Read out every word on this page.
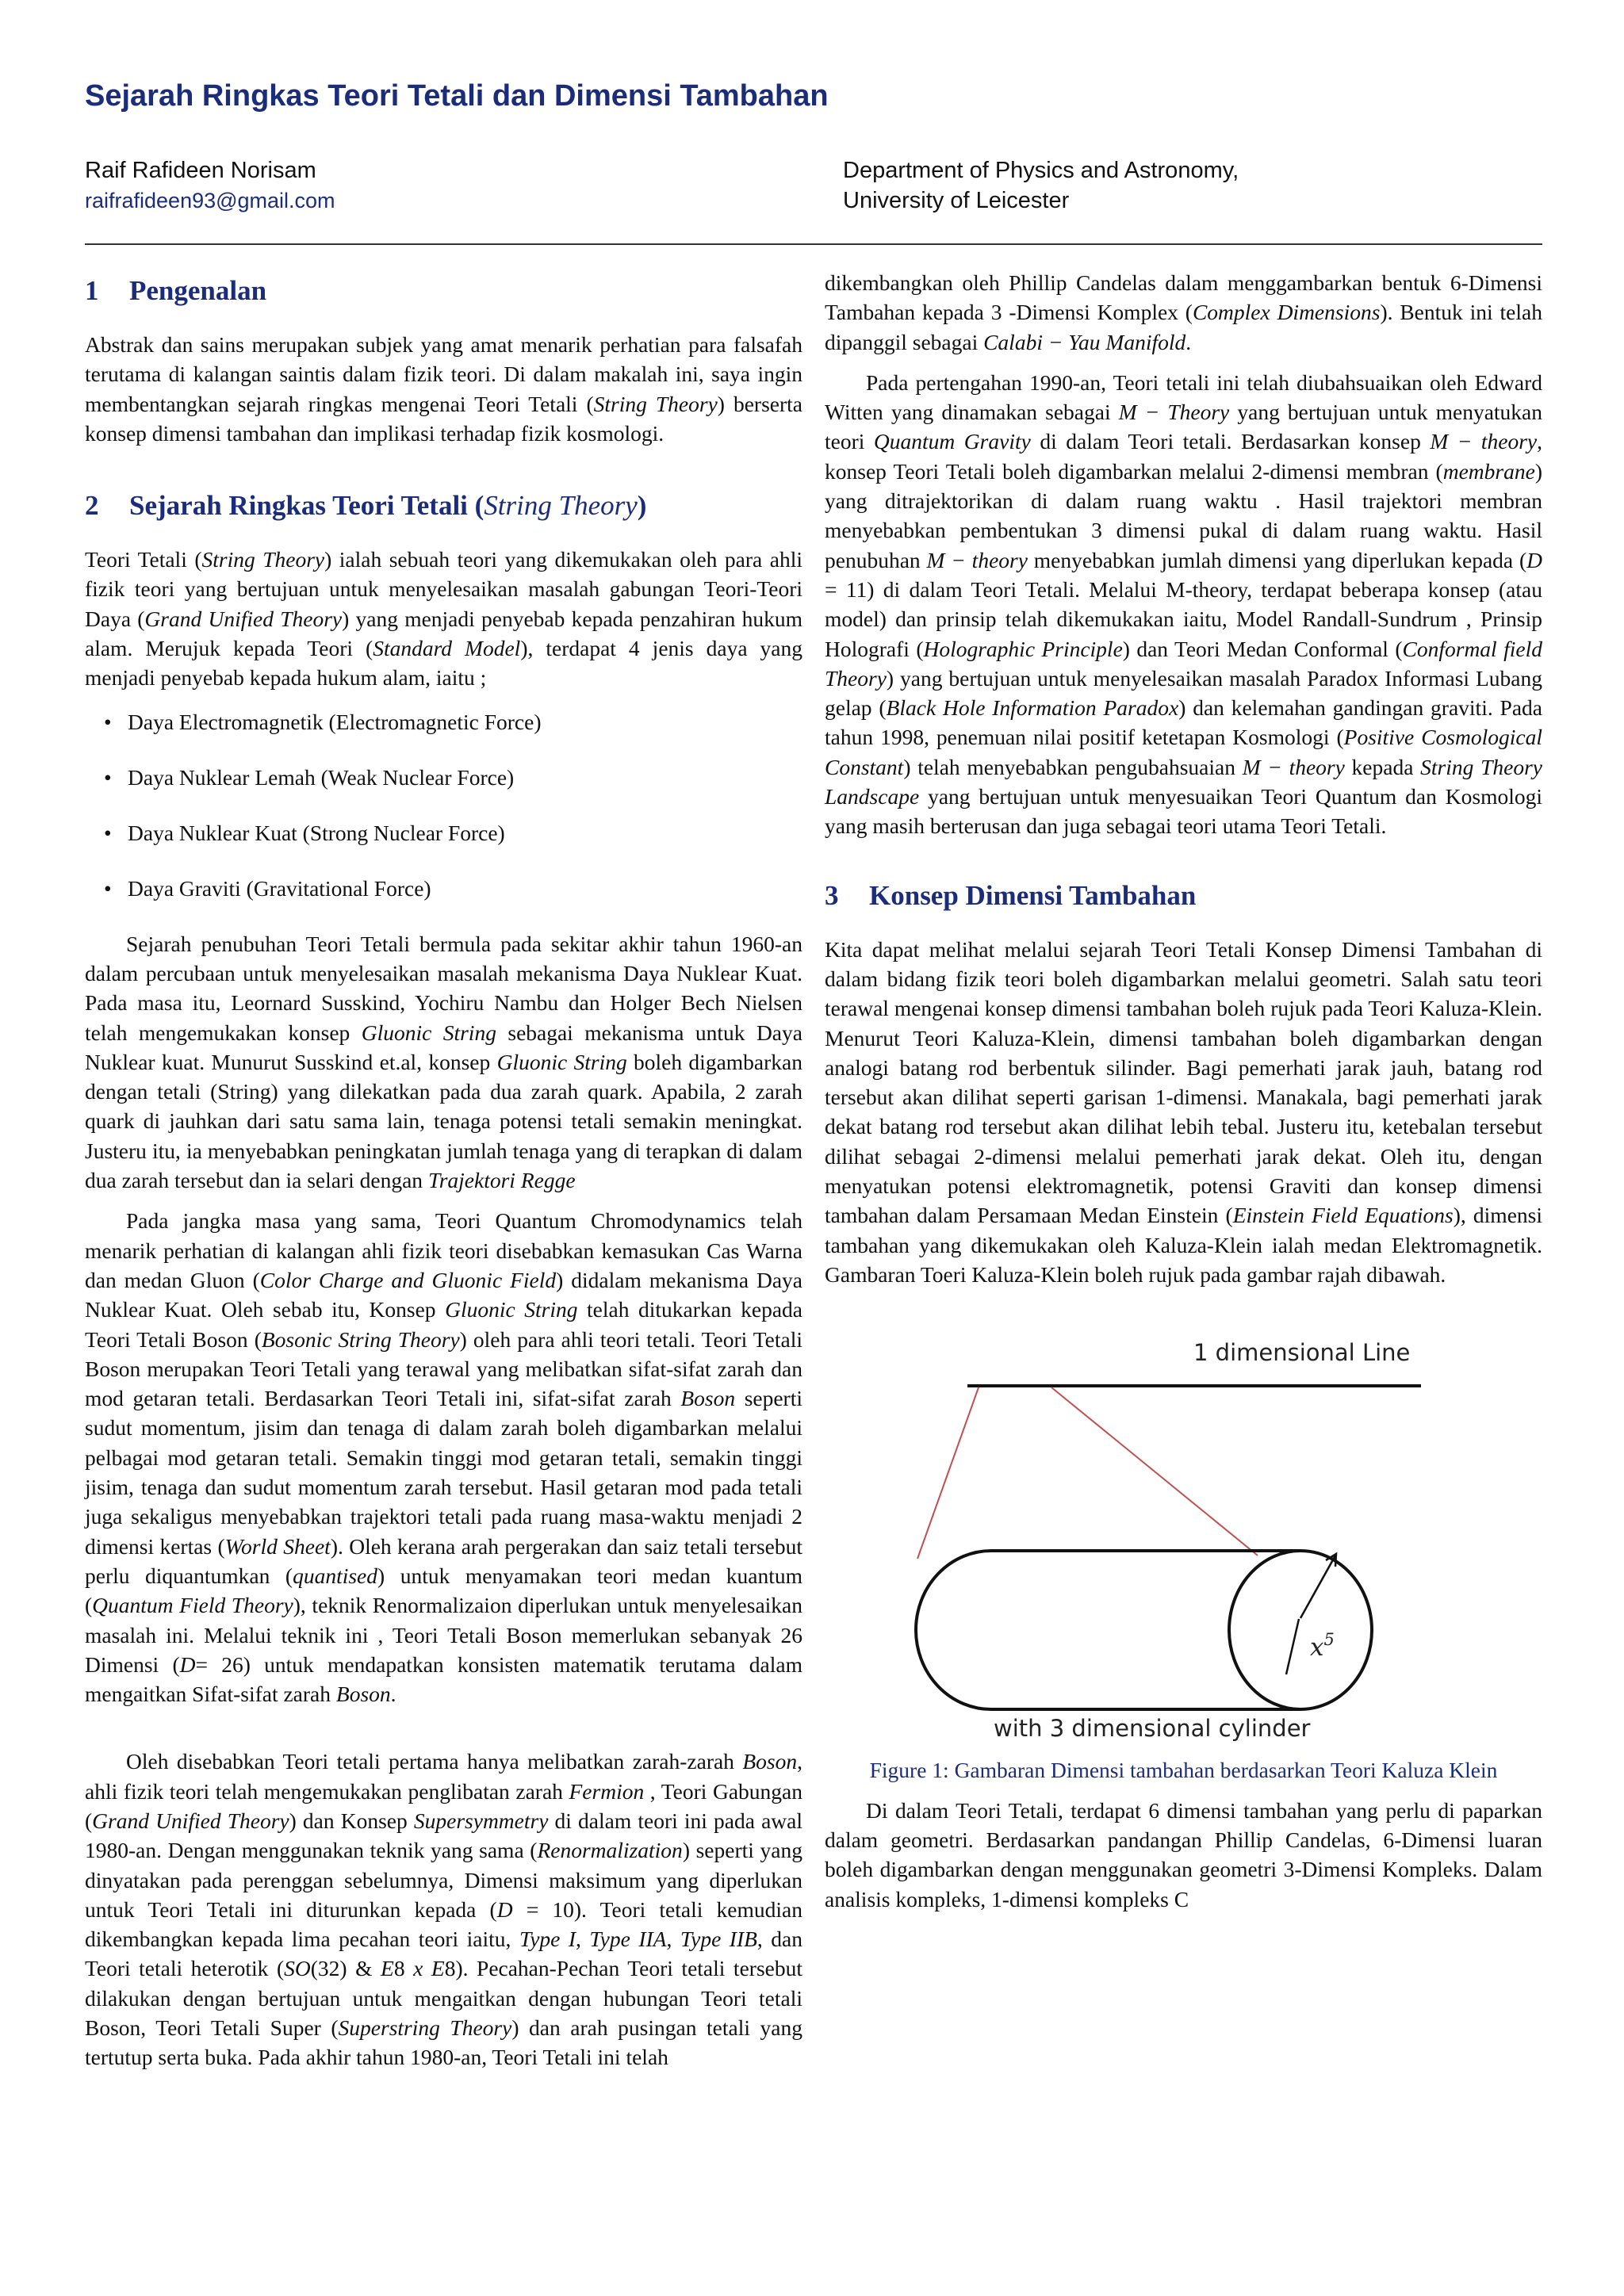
Sejarah Ringkas Teori Tetali dan Dimensi Tambahan
Raif Rafideen Norisam
raifrafideen93@gmail.com
Department of Physics and Astronomy,
University of Leicester
1 Pengenalan

Abstrak dan sains merupakan subjek yang amat menarik perhatian para falsafah terutama di kalangan saintis dalam fizik teori. Di dalam makalah ini, saya ingin membentangkan sejarah ringkas mengenai Teori Tetali (String Theory) berserta konsep dimensi tambahan dan implikasi terhadap fizik kosmologi.

2 Sejarah Ringkas Teori Tetali (String Theory)

Teori Tetali (String Theory) ialah sebuah teori yang dikemukakan oleh para ahli fizik teori yang bertujuan untuk menyelesaikan masalah gabungan Teori-Teori Daya (Grand Unified Theory) yang menjadi penyebab kepada penzahiran hukum alam. Merujuk kepada Teori (Standard Model), terdapat 4 jenis daya yang menjadi penyebab kepada hukum alam, iaitu ;

• Daya Electromagnetik (Electromagnetic Force)
• Daya Nuklear Lemah (Weak Nuclear Force)
• Daya Nuklear Kuat (Strong Nuclear Force)
• Daya Graviti (Gravitational Force)

Sejarah penubuhan Teori Tetali bermula pada sekitar akhir tahun 1960-an dalam percubaan untuk menyelesaikan masalah mekanisma Daya Nuklear Kuat. Pada masa itu, Leornard Susskind, Yochiru Nambu dan Holger Bech Nielsen telah mengemukakan konsep Gluonic String sebagai mekanisma untuk Daya Nuklear kuat. Munurut Susskind et.al, konsep Gluonic String boleh digambarkan dengan tetali (String) yang dilekatkan pada dua zarah quark. Apabila, 2 zarah quark di jauhkan dari satu sama lain, tenaga potensi tetali semakin meningkat. Justeru itu, ia menyebabkan peningkatan jumlah tenaga yang di terapkan di dalam dua zarah tersebut dan ia selari dengan Trajektori Regge

Pada jangka masa yang sama, Teori Quantum Chromodynamics telah menarik perhatian di kalangan ahli fizik teori disebabkan kemasukan Cas Warna dan medan Gluon (Color Charge and Gluonic Field) didalam mekanisma Daya Nuklear Kuat. Oleh sebab itu, Konsep Gluonic String telah ditukarkan kepada Teori Tetali Boson (Bosonic String Theory) oleh para ahli teori tetali. Teori Tetali Boson merupakan Teori Tetali yang terawal yang melibatkan sifat-sifat zarah dan mod getaran tetali. Berdasarkan Teori Tetali ini, sifat-sifat zarah Boson seperti sudut momentum, jisim dan tenaga di dalam zarah boleh digambarkan melalui pelbagai mod getaran tetali. Semakin tinggi mod getaran tetali, semakin tinggi jisim, tenaga dan sudut momentum zarah tersebut. Hasil getaran mod pada tetali juga sekaligus menyebabkan trajektori tetali pada ruang masa-waktu menjadi 2 dimensi kertas (World Sheet). Oleh kerana arah pergerakan dan saiz tetali tersebut perlu diquantumkan (quantised) untuk menyamakan teori medan kuantum (Quantum Field Theory), teknik Renormalizaion diperlukan untuk menyelesaikan masalah ini. Melalui teknik ini , Teori Tetali Boson memerlukan sebanyak 26 Dimensi (D= 26) untuk mendapatkan konsisten matematik terutama dalam mengaitkan Sifat-sifat zarah Boson.

Oleh disebabkan Teori tetali pertama hanya melibatkan zarah-zarah Boson, ahli fizik teori telah mengemukakan penglibatan zarah Fermion , Teori Gabungan (Grand Unified Theory) dan Konsep Supersymmetry di dalam teori ini pada awal 1980-an. Dengan menggunakan teknik yang sama (Renormalization) seperti yang dinyatakan pada perenggan sebelumnya, Dimensi maksimum yang diperlukan untuk Teori Tetali ini diturunkan kepada (D = 10). Teori tetali kemudian dikembangkan kepada lima pecahan teori iaitu, Type I, Type IIA, Type IIB, dan Teori tetali heterotik (SO(32) & E8 x E8). Pecahan-Pechan Teori tetali tersebut dilakukan dengan bertujuan untuk mengaitkan dengan hubungan Teori tetali Boson, Teori Tetali Super (Superstring Theory) dan arah pusingan tetali yang tertutup serta buka. Pada akhir tahun 1980-an, Teori Tetali ini telah

dikembangkan oleh Phillip Candelas dalam menggambarkan bentuk 6-Dimensi Tambahan kepada 3 -Dimensi Komplex (Complex Dimensions). Bentuk ini telah dipanggil sebagai Calabi − Yau Manifold.

Pada pertengahan 1990-an, Teori tetali ini telah diubahsuaikan oleh Edward Witten yang dinamakan sebagai M − Theory yang bertujuan untuk menyatukan teori Quantum Gravity di dalam Teori tetali. Berdasarkan konsep M − theory, konsep Teori Tetali boleh digambarkan melalui 2-dimensi membran (membrane) yang ditrajektorikan di dalam ruang waktu . Hasil trajektori membran menyebabkan pembentukan 3 dimensi pukal di dalam ruang waktu. Hasil penubuhan M − theory menyebabkan jumlah dimensi yang diperlukan kepada (D = 11) di dalam Teori Tetali. Melalui M-theory, terdapat beberapa konsep (atau model) dan prinsip telah dikemukakan iaitu, Model Randall-Sundrum , Prinsip Holografi (Holographic Principle) dan Teori Medan Conformal (Conformal field Theory) yang bertujuan untuk menyelesaikan masalah Paradox Informasi Lubang gelap (Black Hole Information Paradox) dan kelemahan gandingan graviti. Pada tahun 1998, penemuan nilai positif ketetapan Kosmologi (Positive Cosmological Constant) telah menyebabkan pengubahsuaian M − theory kepada String Theory Landscape yang bertujuan untuk menyesuaikan Teori Quantum dan Kosmologi yang masih berterusan dan juga sebagai teori utama Teori Tetali.

3 Konsep Dimensi Tambahan

Kita dapat melihat melalui sejarah Teori Tetali Konsep Dimensi Tambahan di dalam bidang fizik teori boleh digambarkan melalui geometri. Salah satu teori terawal mengenai konsep dimensi tambahan boleh rujuk pada Teori Kaluza-Klein. Menurut Teori Kaluza-Klein, dimensi tambahan boleh digambarkan dengan analogi batang rod berbentuk silinder. Bagi pemerhati jarak jauh, batang rod tersebut akan dilihat seperti garisan 1-dimensi. Manakala, bagi pemerhati jarak dekat batang rod tersebut akan dilihat lebih tebal. Justeru itu, ketebalan tersebut dilihat sebagai 2-dimensi melalui pemerhati jarak dekat. Oleh itu, dengan menyatukan potensi elektromagnetik, potensi Graviti dan konsep dimensi tambahan dalam Persamaan Medan Einstein (Einstein Field Equations), dimensi tambahan yang dikemukakan oleh Kaluza-Klein ialah medan Elektromagnetik. Gambaran Toeri Kaluza-Klein boleh rujuk pada gambar rajah dibawah.

1 dimensional Line
$x^5$
with 3 dimensional cylinder
Figure 1: Gambaran Dimensi tambahan berdasarkan Teori Kaluza Klein

Di dalam Teori Tetali, terdapat 6 dimensi tambahan yang perlu di paparkan dalam geometri. Berdasarkan pandangan Phillip Candelas, 6-Dimensi luaran boleh digambarkan dengan menggunakan geometri 3-Dimensi Kompleks. Dalam analisis kompleks, 1-dimensi kompleks C
